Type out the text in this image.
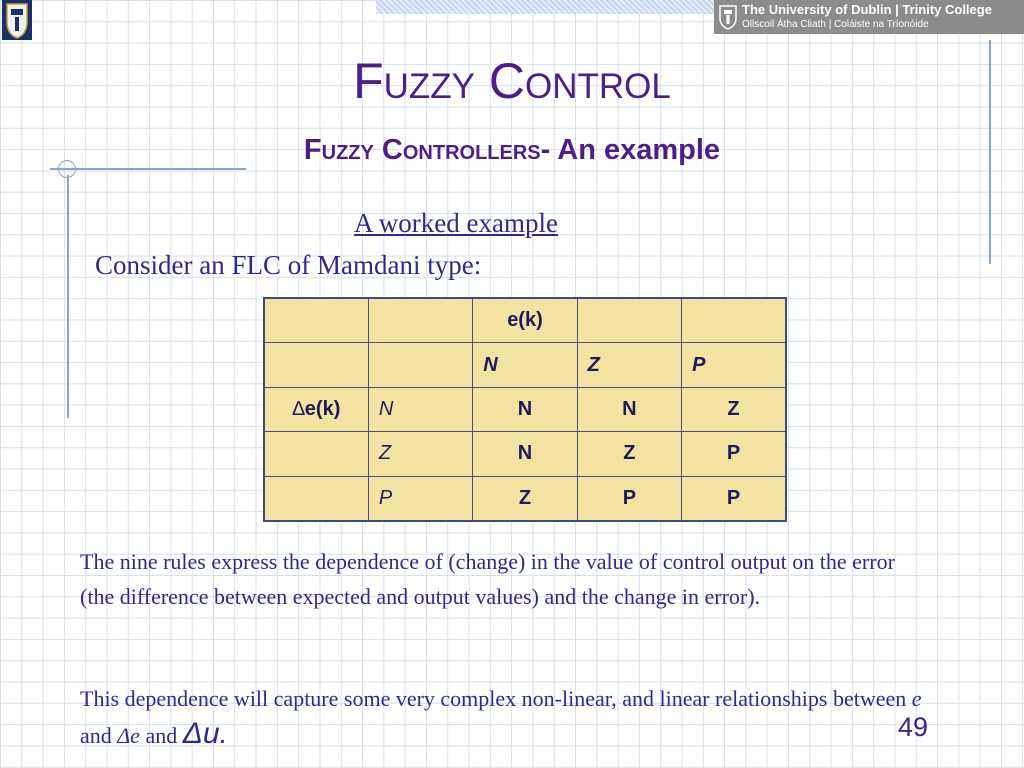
The University of Dublin | Trinity College
Ollscoil Átha Cliath | Coláiste na Tríonóide
Fuzzy Control
Fuzzy Controllers- An example
A worked example
Consider an FLC of Mamdani type:
		e(k)		
		N	Z	P
∆e(k)	N	N	N	Z
	Z	N	Z	P
	P	Z	P	P
The nine rules express the dependence of (change) in the value of control output on the error (the difference between expected and output values) and the change in error).
This dependence will capture some very complex non-linear, and linear relationships between e and Δe and Δu.	49
